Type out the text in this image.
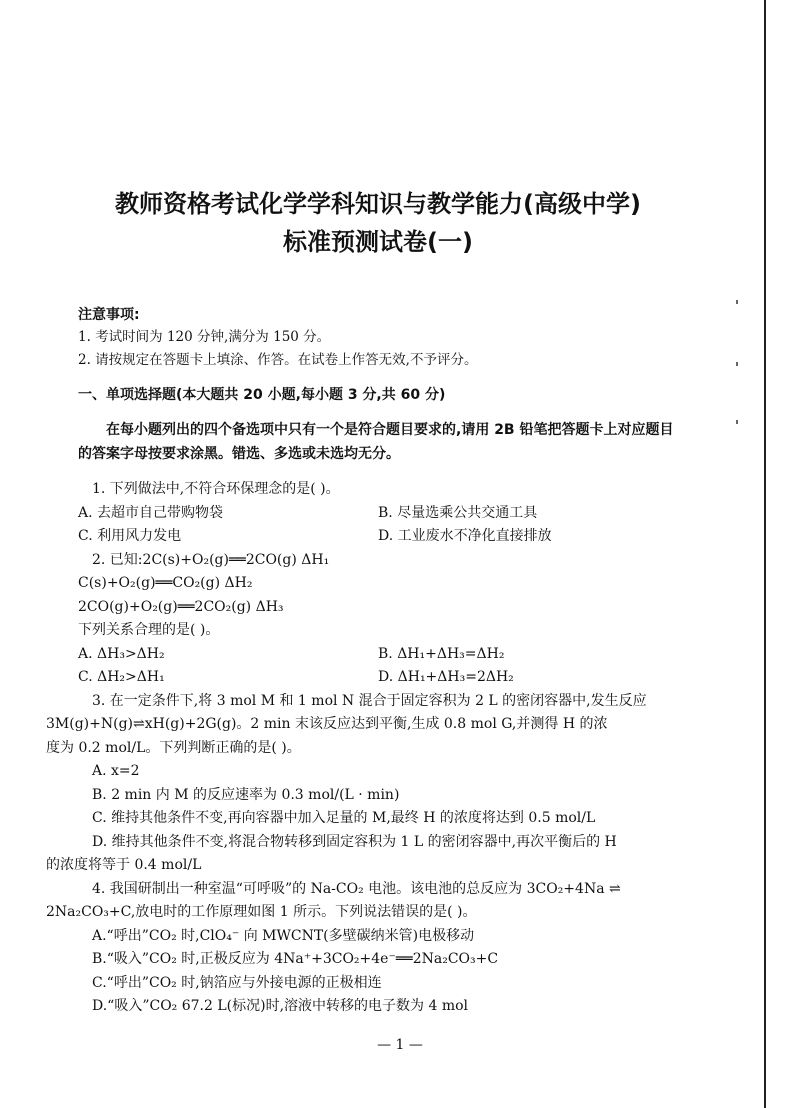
教师资格考试化学学科知识与教学能力(高级中学)
标准预测试卷(一)
注意事项:
1. 考试时间为 120 分钟,满分为 150 分。
2. 请按规定在答题卡上填涂、作答。在试卷上作答无效,不予评分。
一、单项选择题(本大题共 20 小题,每小题 3 分,共 60 分)
在每小题列出的四个备选项中只有一个是符合题目要求的,请用 2B 铅笔把答题卡上对应题目的答案字母按要求涂黑。错选、多选或未选均无分。
1. 下列做法中,不符合环保理念的是( )。
A. 去超市自己带购物袋	B. 尽量选乘公共交通工具
C. 利用风力发电	D. 工业废水不净化直接排放
2. 已知:2C(s)+O₂(g)══2CO(g) ΔH₁
C(s)+O₂(g)══CO₂(g) ΔH₂
2CO(g)+O₂(g)══2CO₂(g) ΔH₃
下列关系合理的是( )。
A. ΔH₃>ΔH₂	B. ΔH₁+ΔH₃=ΔH₂
C. ΔH₂>ΔH₁	D. ΔH₁+ΔH₃=2ΔH₂
3. 在一定条件下,将 3 mol M 和 1 mol N 混合于固定容积为 2 L 的密闭容器中,发生反应
3M(g)+N(g)⇌xH(g)+2G(g)。2 min 末该反应达到平衡,生成 0.8 mol G,并测得 H 的浓
度为 0.2 mol/L。下列判断正确的是( )。
A. x=2
B. 2 min 内 M 的反应速率为 0.3 mol/(L · min)
C. 维持其他条件不变,再向容器中加入足量的 M,最终 H 的浓度将达到 0.5 mol/L
D. 维持其他条件不变,将混合物转移到固定容积为 1 L 的密闭容器中,再次平衡后的 H
的浓度将等于 0.4 mol/L
4. 我国研制出一种室温“可呼吸”的 Na-CO₂ 电池。该电池的总反应为 3CO₂+4Na ⇌
2Na₂CO₃+C,放电时的工作原理如图 1 所示。下列说法错误的是( )。
A.“呼出”CO₂ 时,ClO₄⁻ 向 MWCNT(多壁碳纳米管)电极移动
B.“吸入”CO₂ 时,正极反应为 4Na⁺+3CO₂+4e⁻══2Na₂CO₃+C
C.“呼出”CO₂ 时,钠箔应与外接电源的正极相连
D.“吸入”CO₂ 67.2 L(标况)时,溶液中转移的电子数为 4 mol
— 1 —
